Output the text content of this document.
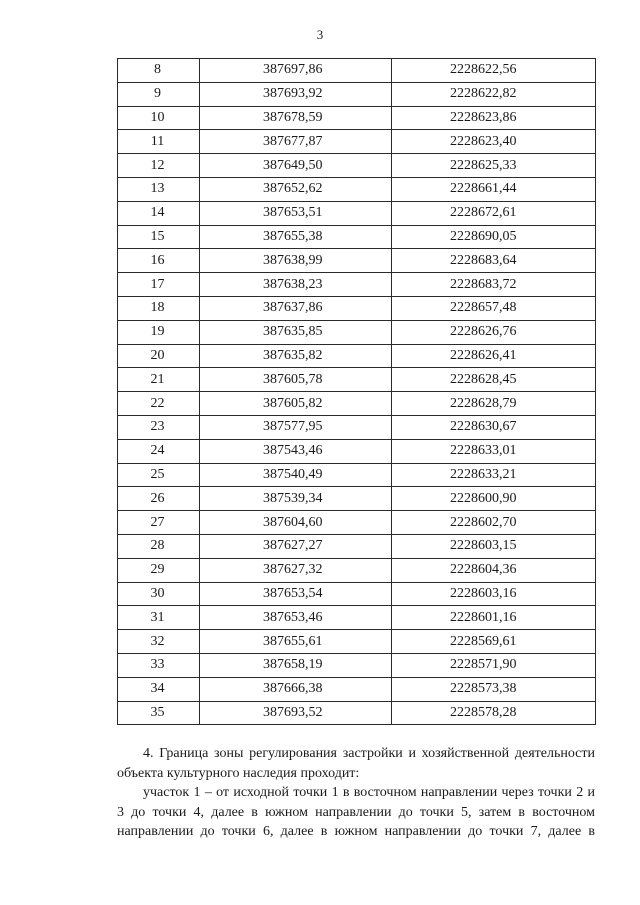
3
8	387697,86	2228622,56
9	387693,92	2228622,82
10	387678,59	2228623,86
11	387677,87	2228623,40
12	387649,50	2228625,33
13	387652,62	2228661,44
14	387653,51	2228672,61
15	387655,38	2228690,05
16	387638,99	2228683,64
17	387638,23	2228683,72
18	387637,86	2228657,48
19	387635,85	2228626,76
20	387635,82	2228626,41
21	387605,78	2228628,45
22	387605,82	2228628,79
23	387577,95	2228630,67
24	387543,46	2228633,01
25	387540,49	2228633,21
26	387539,34	2228600,90
27	387604,60	2228602,70
28	387627,27	2228603,15
29	387627,32	2228604,36
30	387653,54	2228603,16
31	387653,46	2228601,16
32	387655,61	2228569,61
33	387658,19	2228571,90
34	387666,38	2228573,38
35	387693,52	2228578,28
4. Граница зоны регулирования застройки и хозяйственной деятельности объекта культурного наследия проходит:
участок 1 – от исходной точки 1 в восточном направлении через точки 2 и 3 до точки 4, далее в южном направлении до точки 5, затем в восточном направлении до точки 6, далее в южном направлении до точки 7, далее в
